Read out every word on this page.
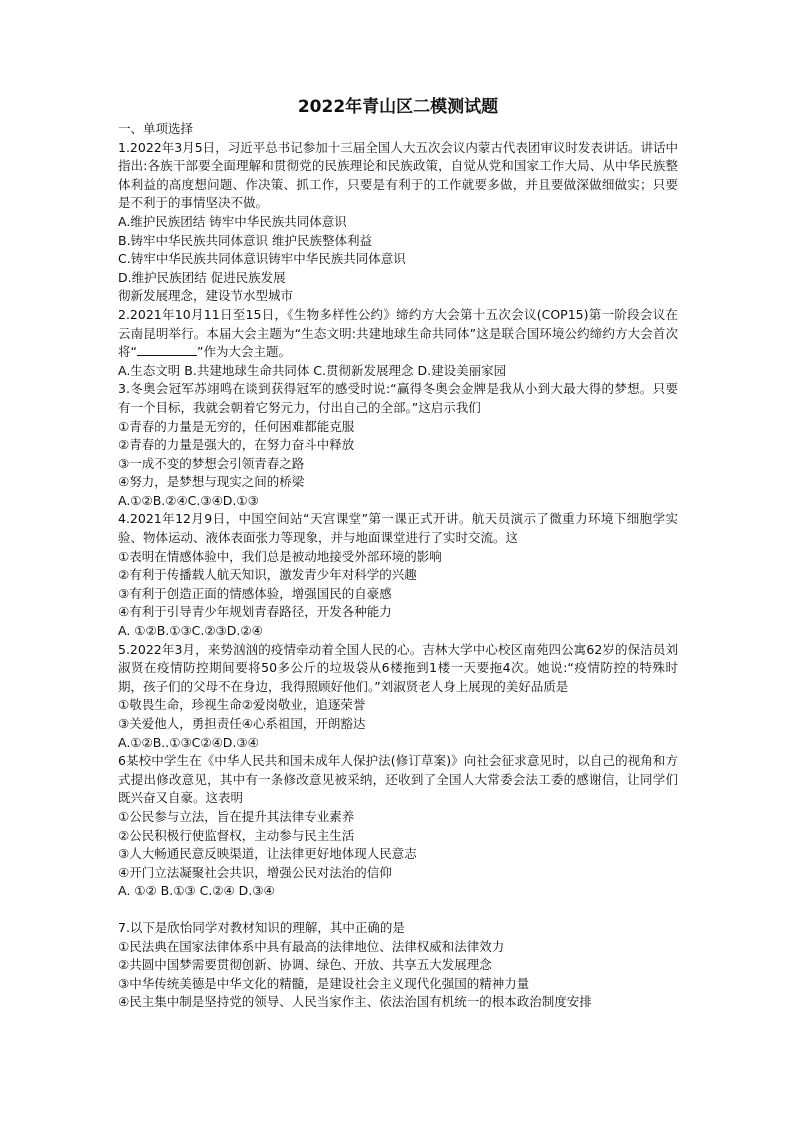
2022年青山区二模测试题
一、单项选择
1.2022年3月5日，习近平总书记参加十三届全国人大五次会议内蒙古代表团审议时发表讲话。讲话中指出:各族干部要全面理解和贯彻党的民族理论和民族政策，自觉从党和国家工作大局、从中华民族整体利益的高度想问题、作决策、抓工作，只要是有利于的工作就要多做，并且要做深做细做实；只要是不利于的事情坚决不做。
A.维护民族团结 铸牢中华民族共同体意识
B.铸牢中华民族共同体意识 维护民族整体利益
C.铸牢中华民族共同体意识铸牢中华民族共同体意识
D.维护民族团结 促进民族发展
彻新发展理念，建设节水型城市
2.2021年10月11日至15日，《生物多样性公约》缔约方大会第十五次会议(COP15)第一阶段会议在云南昆明举行。本届大会主题为“生态文明:共建地球生命共同体”这是联合国环境公约缔约方大会首次将“	”作为大会主题。
A.生态文明 B.共建地球生命共同体 C.贯彻新发展理念 D.建设美丽家园
3.冬奥会冠军苏翊鸣在谈到获得冠军的感受时说:“赢得冬奥会金牌是我从小到大最大得的梦想。只要有一个目标，我就会朝着它努元力，付出自己的全部。”这启示我们
①青春的力量是无穷的，任何困难都能克服
②青春的力量是强大的，在努力奋斗中释放
③一成不变的梦想会引领青春之路
④努力，是梦想与现实之间的桥梁
A.①②B.②④C.③④D.①③
4.2021年12月9日，中国空间站“天宫课堂”第一课正式开讲。航天员演示了微重力环境下细胞学实验、物体运动、液体表面张力等现象，并与地面课堂进行了实时交流。这
①表明在情感体验中，我们总是被动地接受外部环境的影响
②有利于传播载人航天知识，激发青少年对科学的兴趣
③有利于创造正面的情感体验，增强国民的自豪感
④有利于引导青少年规划青春路径，开发各种能力
A. ①②B.①③C.②③D.②④
5.2022年3月，来势汹汹的疫情牵动着全国人民的心。吉林大学中心校区南苑四公寓62岁的保洁员刘淑贤在疫情防控期间要将50多公斤的垃圾袋从6楼拖到1楼一天要拖4次。她说:“疫情防控的特殊时期，孩子们的父母不在身边，我得照顾好他们。”刘淑贤老人身上展现的美好品质是
①敬畏生命，珍视生命②爱岗敬业，追逐荣誉
③关爱他人，勇担责任④心系祖国，开朗豁达
A.①②B..①③C②④D.③④
6某校中学生在《中华人民共和国未成年人保护法(修订草案)》向社会征求意见时，以自己的视角和方式提出修改意见，其中有一条修改意见被采纳，还收到了全国人大常委会法工委的感谢信，让同学们既兴奋又自豪。这表明
①公民参与立法，旨在提升其法律专业素养
②公民积极行使监督权，主动参与民主生活
③人大畅通民意反映渠道，让法律更好地体现人民意志
④开门立法凝聚社会共识，增强公民对法治的信仰
A. ①② B.①③ C.②④ D.③④
7.以下是欣怡同学对教材知识的理解，其中正确的是
①民法典在国家法律体系中具有最高的法律地位、法律权威和法律效力
②共圆中国梦需要贯彻创新、协调、绿色、开放、共享五大发展理念
③中华传统美德是中华文化的精髓，是建设社会主义现代化强国的精神力量
④民主集中制是坚持党的领导、人民当家作主、依法治国有机统一的根本政治制度安排
